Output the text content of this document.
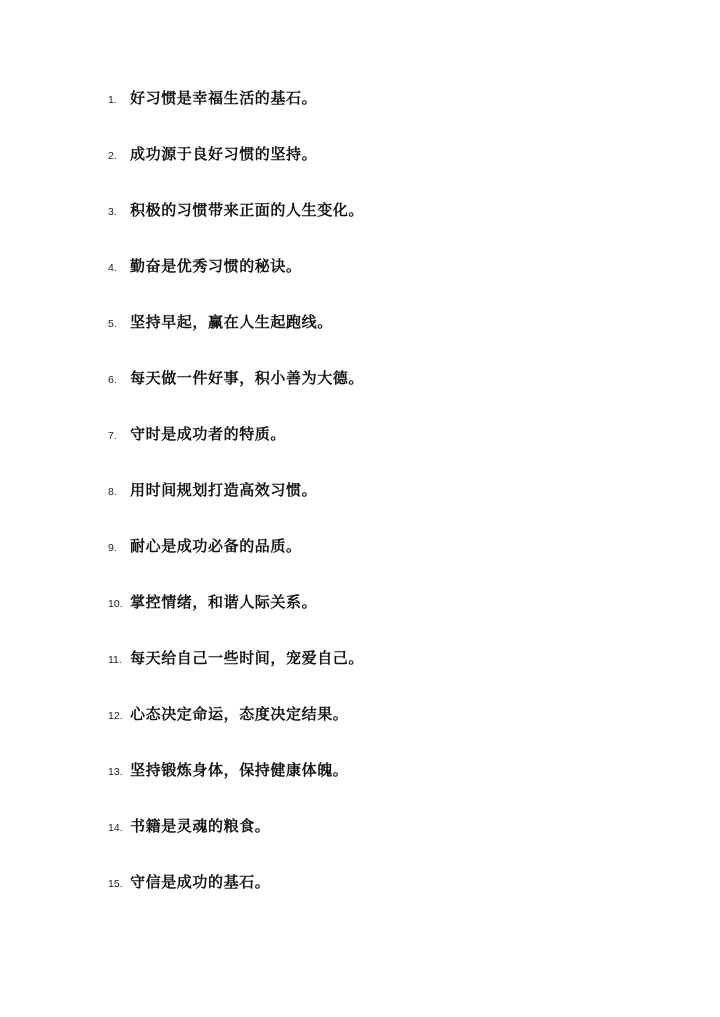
1. 好习惯是幸福生活的基石。
2. 成功源于良好习惯的坚持。
3. 积极的习惯带来正面的人生变化。
4. 勤奋是优秀习惯的秘诀。
5. 坚持早起，赢在人生起跑线。
6. 每天做一件好事，积小善为大德。
7. 守时是成功者的特质。
8. 用时间规划打造高效习惯。
9. 耐心是成功必备的品质。
10. 掌控情绪，和谐人际关系。
11. 每天给自己一些时间，宠爱自己。
12. 心态决定命运，态度决定结果。
13. 坚持锻炼身体，保持健康体魄。
14. 书籍是灵魂的粮食。
15. 守信是成功的基石。
